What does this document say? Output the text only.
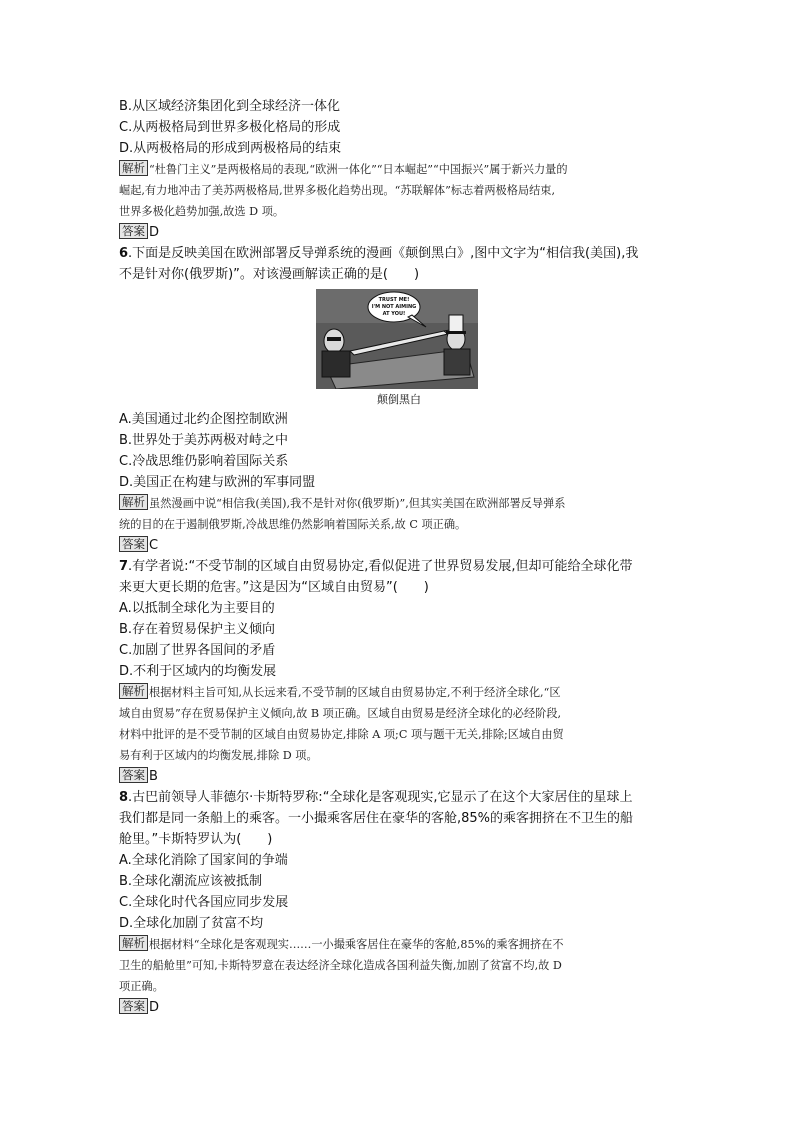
B.从区域经济集团化到全球经济一体化
C.从两极格局到世界多极化格局的形成
D.从两极格局的形成到两极格局的结束
解析 “杜鲁门主义”是两极格局的表现,“欧洲一体化”“日本崛起”“中国振兴”属于新兴力量的
崛起,有力地冲击了美苏两极格局,世界多极化趋势出现。“苏联解体”标志着两极格局结束,
世界多极化趋势加强,故选 D 项。
答案 D
6.下面是反映美国在欧洲部署反导弹系统的漫画《颠倒黑白》,图中文字为“相信我(美国),我
不是针对你(俄罗斯)”。对该漫画解读正确的是(　　)
TRUST ME!
I'M NOT AIMING
AT YOU!
颠倒黑白
A.美国通过北约企图控制欧洲
B.世界处于美苏两极对峙之中
C.冷战思维仍影响着国际关系
D.美国正在构建与欧洲的军事同盟
解析 虽然漫画中说“相信我(美国),我不是针对你(俄罗斯)”,但其实美国在欧洲部署反导弹系
统的目的在于遏制俄罗斯,冷战思维仍然影响着国际关系,故 C 项正确。
答案 C
7.有学者说:“不受节制的区域自由贸易协定,看似促进了世界贸易发展,但却可能给全球化带
来更大更长期的危害。”这是因为“区域自由贸易”(　　)
A.以抵制全球化为主要目的
B.存在着贸易保护主义倾向
C.加剧了世界各国间的矛盾
D.不利于区域内的均衡发展
解析 根据材料主旨可知,从长远来看,不受节制的区域自由贸易协定,不利于经济全球化,“区
域自由贸易”存在贸易保护主义倾向,故 B 项正确。区域自由贸易是经济全球化的必经阶段,
材料中批评的是不受节制的区域自由贸易协定,排除 A 项;C 项与题干无关,排除;区域自由贸
易有利于区域内的均衡发展,排除 D 项。
答案 B
8.古巴前领导人菲德尔·卡斯特罗称:“全球化是客观现实,它显示了在这个大家居住的星球上
我们都是同一条船上的乘客。一小撮乘客居住在豪华的客舱,85%的乘客拥挤在不卫生的船
舱里。”卡斯特罗认为(　　)
A.全球化消除了国家间的争端
B.全球化潮流应该被抵制
C.全球化时代各国应同步发展
D.全球化加剧了贫富不均
解析 根据材料“全球化是客观现实……一小撮乘客居住在豪华的客舱,85%的乘客拥挤在不
卫生的船舱里”可知,卡斯特罗意在表达经济全球化造成各国利益失衡,加剧了贫富不均,故 D
项正确。
答案 D
